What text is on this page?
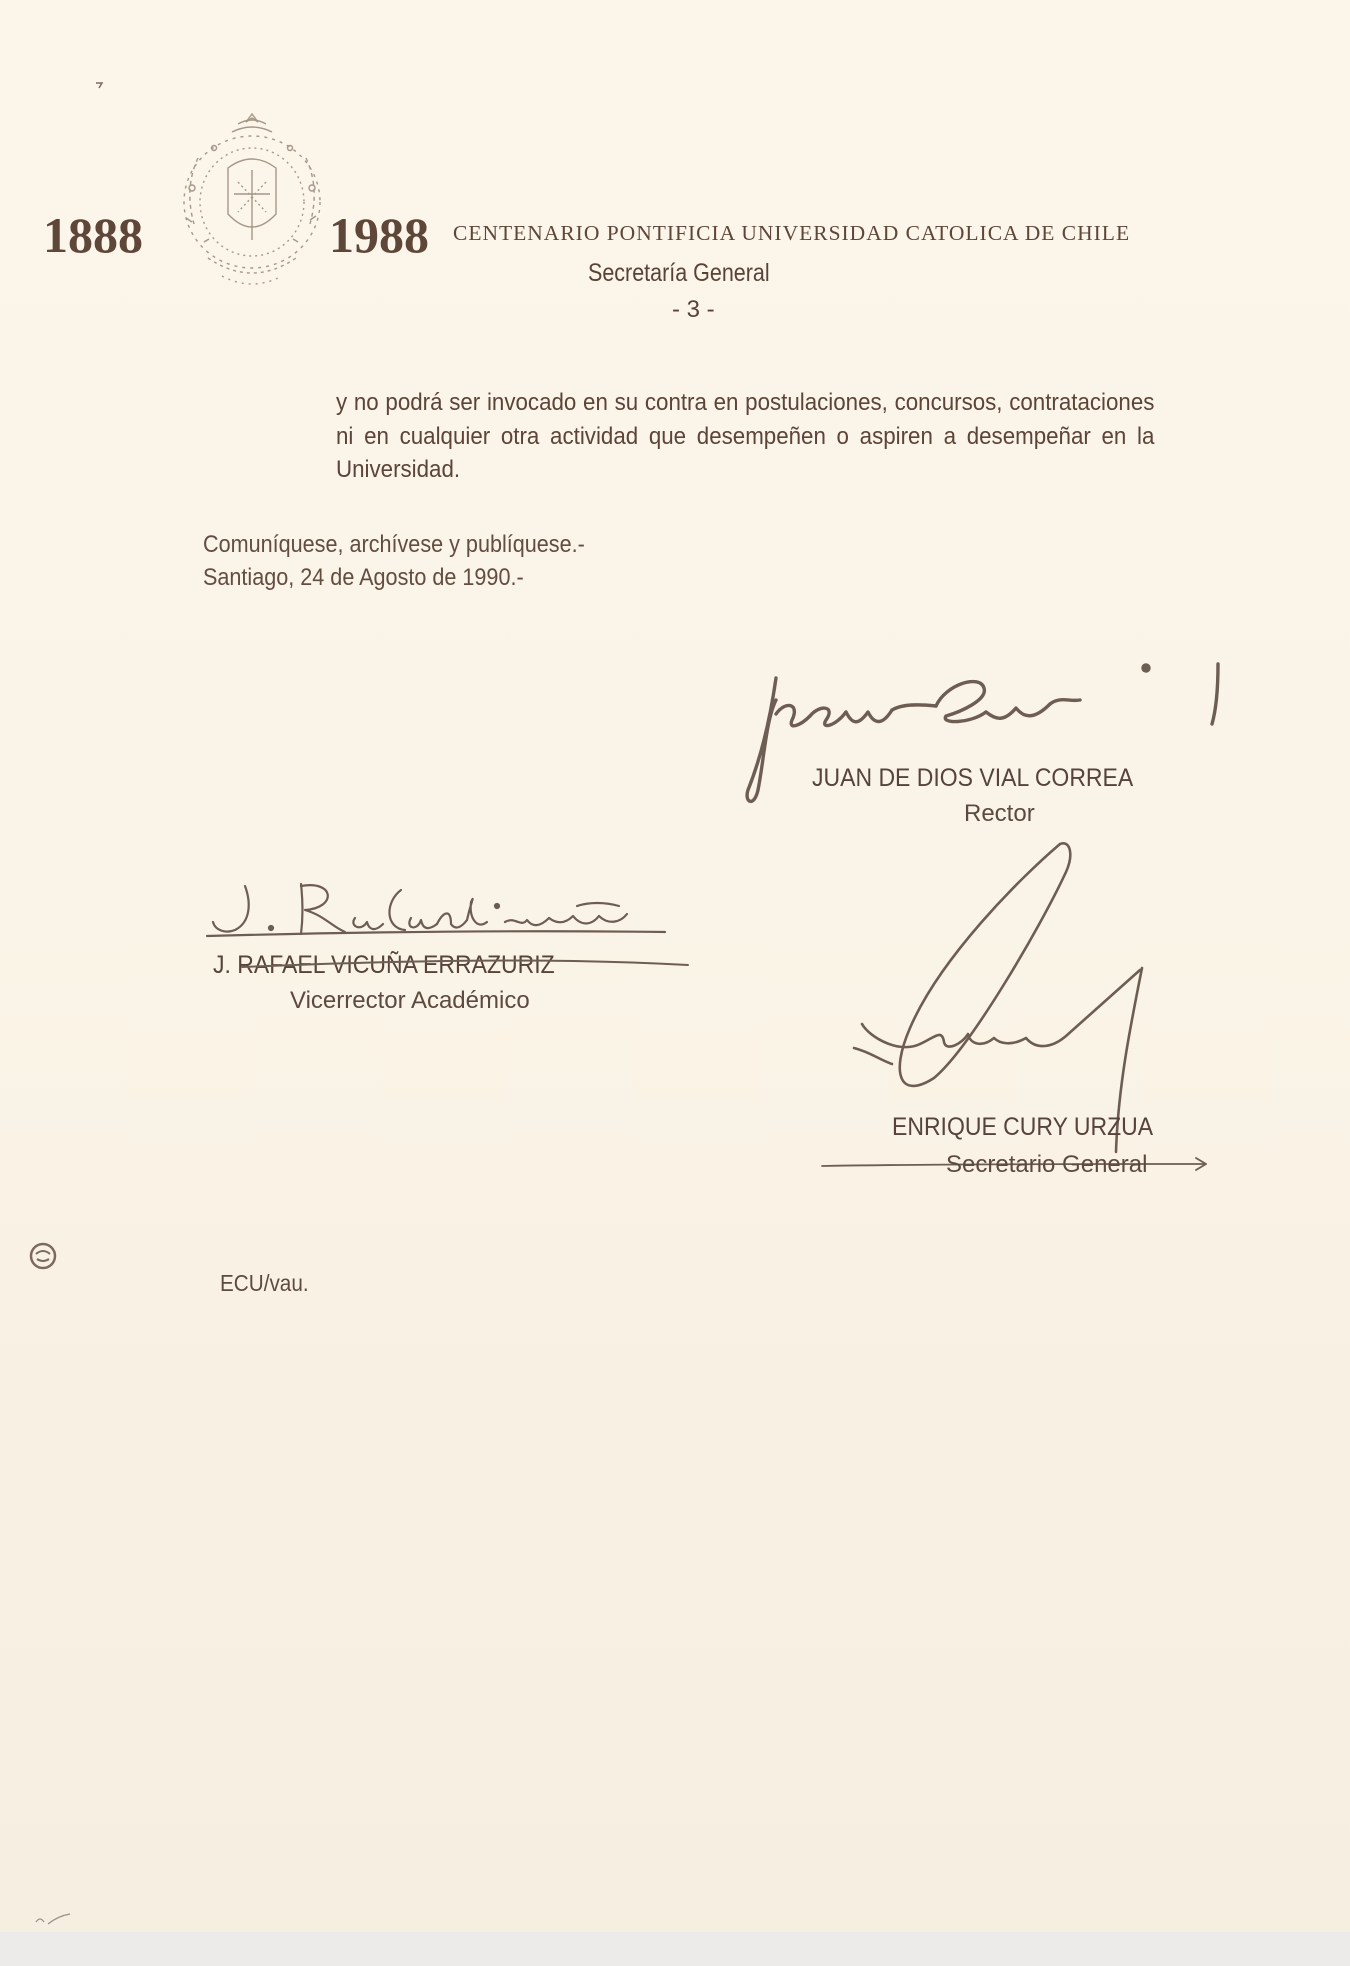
1888	1988 CENTENARIO PONTIFICIA UNIVERSIDAD CATOLICA DE CHILE
Secretaría General
- 3 -
y no podrá ser invocado en su contra en postulaciones, concursos, contrataciones ni en cualquier otra actividad que desempeñen o aspiren a desempeñar en la Universidad.
Comuníquese, archívese y publíquese.-
Santiago, 24 de Agosto de 1990.-
JUAN DE DIOS VIAL CORREA
Rector
J. RAFAEL VICUÑA ERRAZURIZ
Vicerrector Académico
ENRIQUE CURY URZUA
Secretario General
ECU/vau.
